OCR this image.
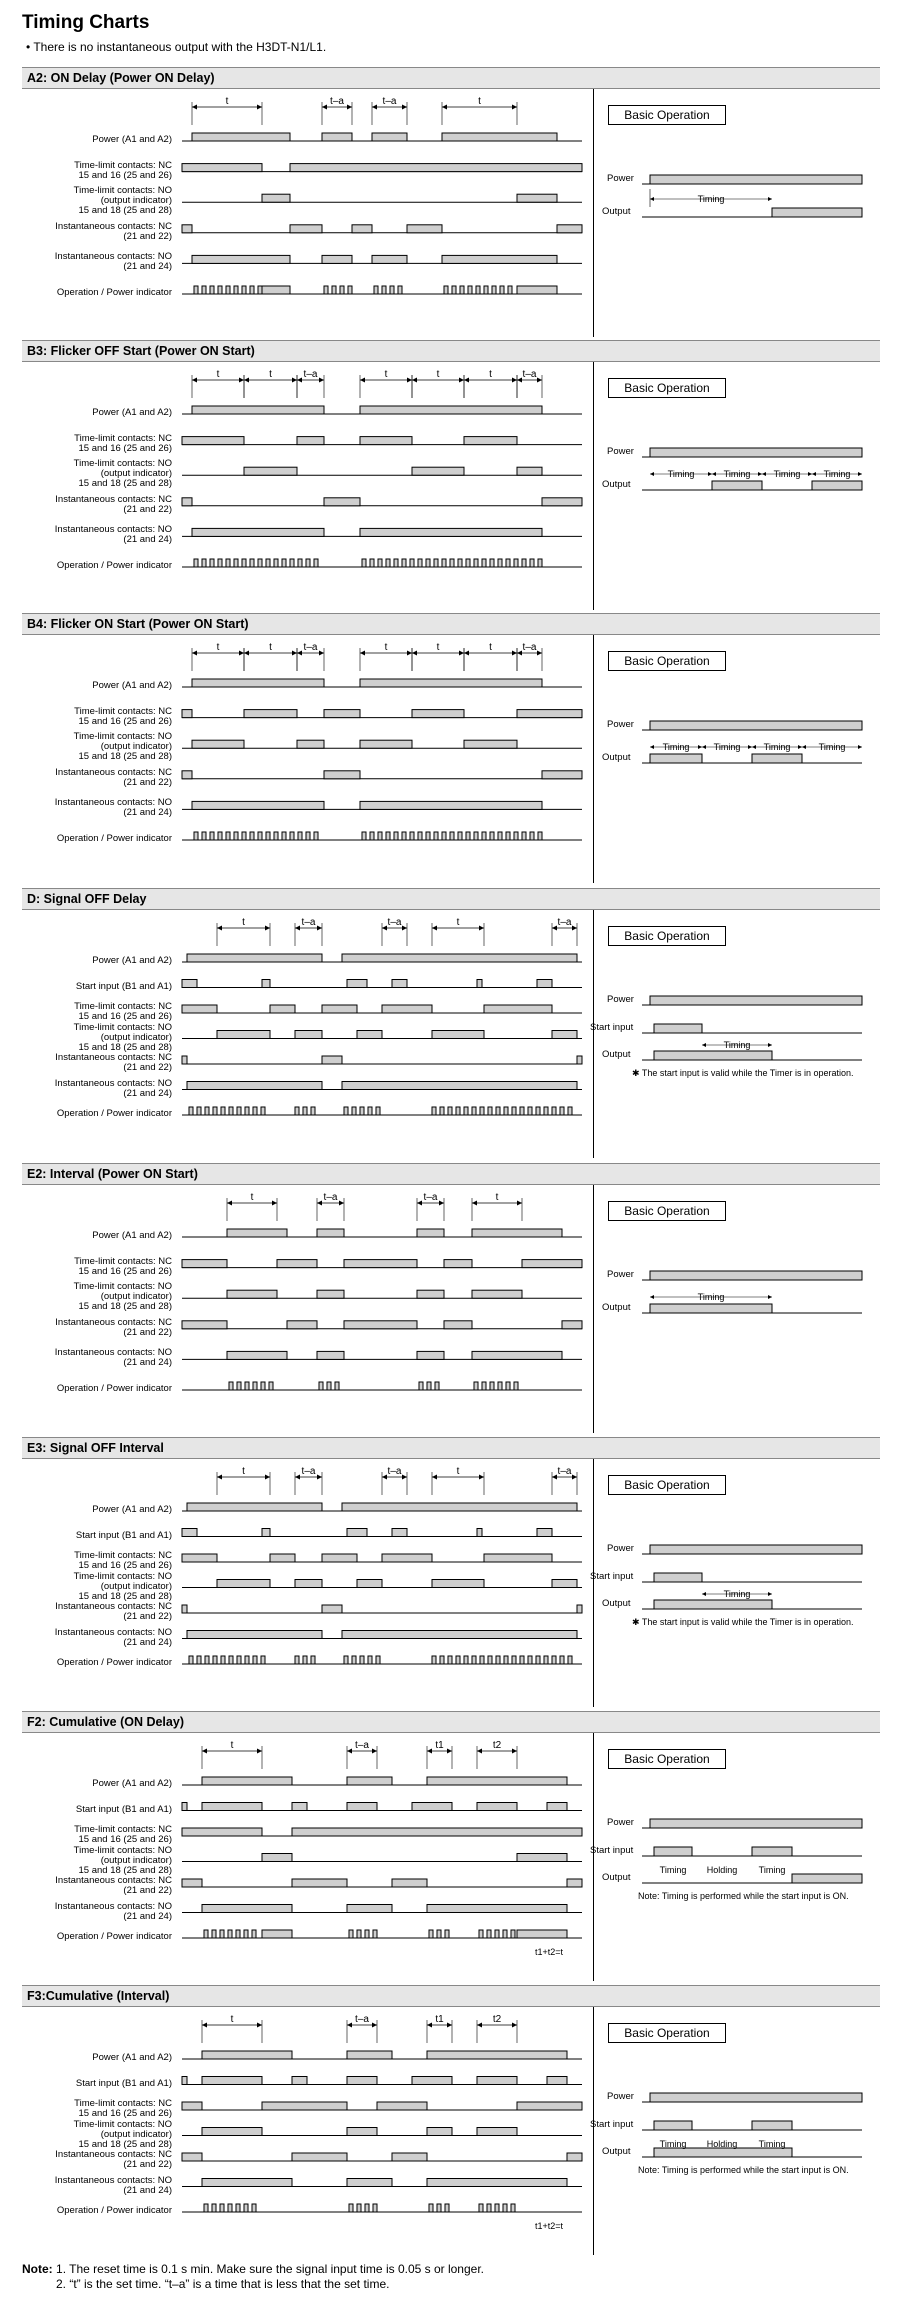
Timing Charts
• There is no instantaneous output with the H3DT-N1/L1.
A2: ON Delay (Power ON Delay)
Basic Operation
t	t–a	t–a	t
Timing
Power (A1 and A2)
Time-limit contacts: NC
15 and 16 (25 and 26)
Time-limit contacts: NO
(output indicator)
15 and 18 (25 and 28)
Instantaneous contacts: NC
(21 and 22)
Instantaneous contacts: NO
(21 and 24)
Operation / Power indicator
Power
Output
B3: Flicker OFF Start (Power ON Start)
Basic Operation
t	t	t–a	t	t	t	t–a
Timing	Timing	Timing	Timing
Power (A1 and A2)
Time-limit contacts: NC
15 and 16 (25 and 26)
Time-limit contacts: NO
(output indicator)
15 and 18 (25 and 28)
Instantaneous contacts: NC
(21 and 22)
Instantaneous contacts: NO
(21 and 24)
Operation / Power indicator
Power
Output
B4: Flicker ON Start (Power ON Start)
Basic Operation
t	t	t–a	t	t	t	t–a
Timing	Timing	Timing	Timing
Power (A1 and A2)
Time-limit contacts: NC
15 and 16 (25 and 26)
Time-limit contacts: NO
(output indicator)
15 and 18 (25 and 28)
Instantaneous contacts: NC
(21 and 22)
Instantaneous contacts: NO
(21 and 24)
Operation / Power indicator
Power
Output
D: Signal OFF Delay
Basic Operation
t	t–a	t–a	t	t–a
Timing
Power (A1 and A2)
Start input (B1 and A1)
Time-limit contacts: NC
15 and 16 (25 and 26)
Time-limit contacts: NO
(output indicator)
15 and 18 (25 and 28)
Instantaneous contacts: NC
(21 and 22)
Instantaneous contacts: NO
(21 and 24)
Operation / Power indicator
Power
Start input
Output
✱ The start input is valid while the Timer is in operation.
E2: Interval (Power ON Start)
Basic Operation
t	t–a	t–a	t
Timing
Power (A1 and A2)
Time-limit contacts: NC
15 and 16 (25 and 26)
Time-limit contacts: NO
(output indicator)
15 and 18 (25 and 28)
Instantaneous contacts: NC
(21 and 22)
Instantaneous contacts: NO
(21 and 24)
Operation / Power indicator
Power
Output
E3: Signal OFF Interval
Basic Operation
t	t–a	t–a	t	t–a
Timing
Power (A1 and A2)
Start input (B1 and A1)
Time-limit contacts: NC
15 and 16 (25 and 26)
Time-limit contacts: NO
(output indicator)
15 and 18 (25 and 28)
Instantaneous contacts: NC
(21 and 22)
Instantaneous contacts: NO
(21 and 24)
Operation / Power indicator
Power
Start input
Output
✱ The start input is valid while the Timer is in operation.
F2: Cumulative (ON Delay)
Basic Operation
t	t–a	t1	t2
Timing Holding Timing
Power (A1 and A2)
Start input (B1 and A1)
Time-limit contacts: NC
15 and 16 (25 and 26)
Time-limit contacts: NO
(output indicator)
15 and 18 (25 and 28)
Instantaneous contacts: NC
(21 and 22)
Instantaneous contacts: NO
(21 and 24)
Operation / Power indicator
t1+t2=t
Power
Start input
Output
Note: Timing is performed while the start input is ON.
F3:Cumulative (Interval)
Basic Operation
t	t–a	t1	t2
Timing Holding Timing
Power (A1 and A2)
Start input (B1 and A1)
Time-limit contacts: NC
15 and 16 (25 and 26)
Time-limit contacts: NO
(output indicator)
15 and 18 (25 and 28)
Instantaneous contacts: NC
(21 and 22)
Instantaneous contacts: NO
(21 and 24)
Operation / Power indicator
t1+t2=t
Power
Start input
Output
Note: Timing is performed while the start input is ON.
Note: 1. The reset time is 0.1 s min. Make sure the signal input time is 0.05 s or longer.
2. “t” is the set time. “t–a” is a time that is less that the set time.
